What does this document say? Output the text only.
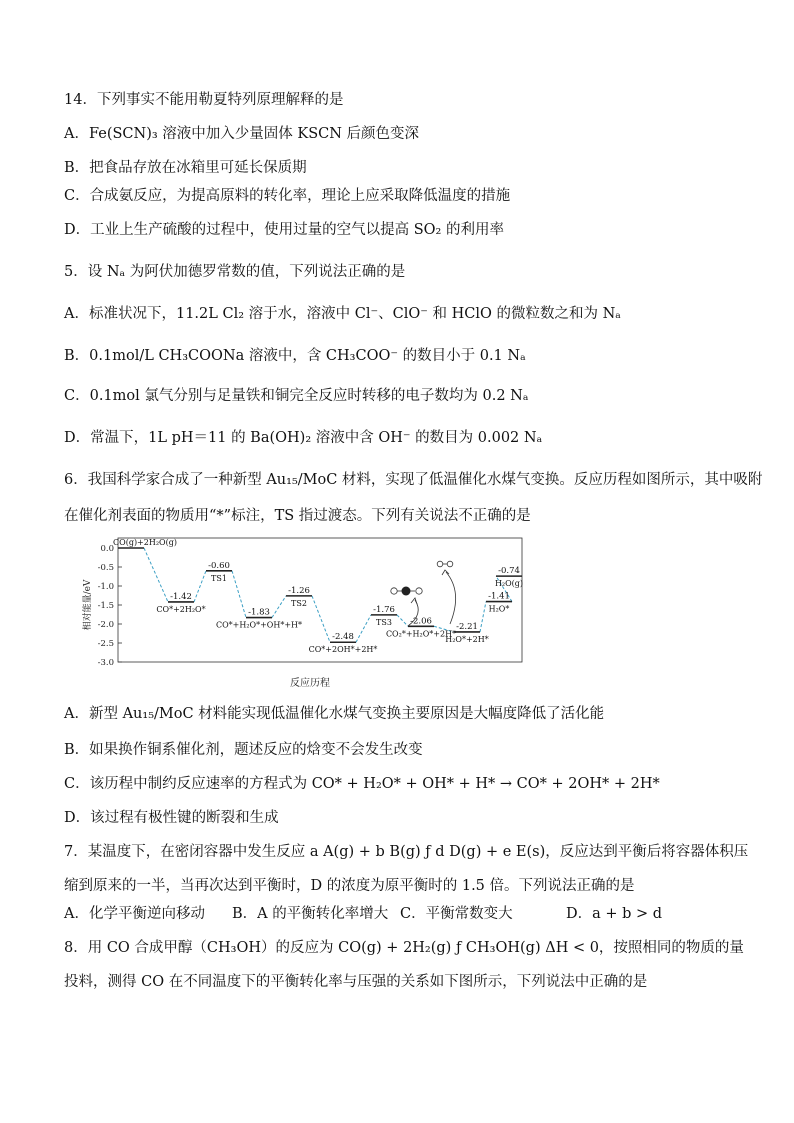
14．下列事实不能用勒夏特列原理解释的是
A．Fe(SCN)₃ 溶液中加入少量固体 KSCN 后颜色变深
B．把食品存放在冰箱里可延长保质期
C．合成氨反应，为提高原料的转化率，理论上应采取降低温度的措施
D．工业上生产硫酸的过程中，使用过量的空气以提高 SO₂ 的利用率
5．设 Nₐ 为阿伏加德罗常数的值，下列说法正确的是
A．标准状况下，11.2L Cl₂ 溶于水，溶液中 Cl⁻、ClO⁻ 和 HClO 的微粒数之和为 Nₐ
B．0.1mol/L CH₃COONa 溶液中，含 CH₃COO⁻ 的数目小于 0.1 Nₐ
C．0.1mol 氯气分别与足量铁和铜完全反应时转移的电子数均为 0.2 Nₐ
D．常温下，1L pH＝11 的 Ba(OH)₂ 溶液中含 OH⁻ 的数目为 0.002 Nₐ
6．我国科学家合成了一种新型 Au₁₅/MoC 材料，实现了低温催化水煤气变换。反应历程如图所示，其中吸附
在催化剂表面的物质用“*”标注，TS 指过渡态。下列有关说法不正确的是
0.0
-0.5
-1.0
-1.5
-2.0
-2.5
-3.0
相对能量/eV
反应历程
CO(g)+2H₂O(g)
-1.42
CO*+2H₂O*
-0.60
TS1
-1.83
CO*+H₂O*+OH*+H*
-1.26
TS2
-2.48
CO*+2OH*+2H*
-1.76
TS3 -2.06
CO₂*+H₂O*+2H*
-2.21
H₂O*+2H*
-1.41
H₂O*
-0.74
H₂O(g)
A．新型 Au₁₅/MoC 材料能实现低温催化水煤气变换主要原因是大幅度降低了活化能
B．如果换作铜系催化剂，题述反应的焓变不会发生改变
C．该历程中制约反应速率的方程式为 CO* + H₂O* + OH* + H* → CO* + 2OH* + 2H*
D．该过程有极性键的断裂和生成
7．某温度下，在密闭容器中发生反应 a A(g) + b B(g) ƒ d D(g) + e E(s)，反应达到平衡后将容器体积压
缩到原来的一半，当再次达到平衡时，D 的浓度为原平衡时的 1.5 倍。下列说法正确的是
A．化学平衡逆向移动 B．A 的平衡转化率增大 C．平衡常数变大	D．a + b > d
8．用 CO 合成甲醇（CH₃OH）的反应为 CO(g) + 2H₂(g) ƒ CH₃OH(g) ΔH < 0，按照相同的物质的量
投料，测得 CO 在不同温度下的平衡转化率与压强的关系如下图所示，下列说法中正确的是
